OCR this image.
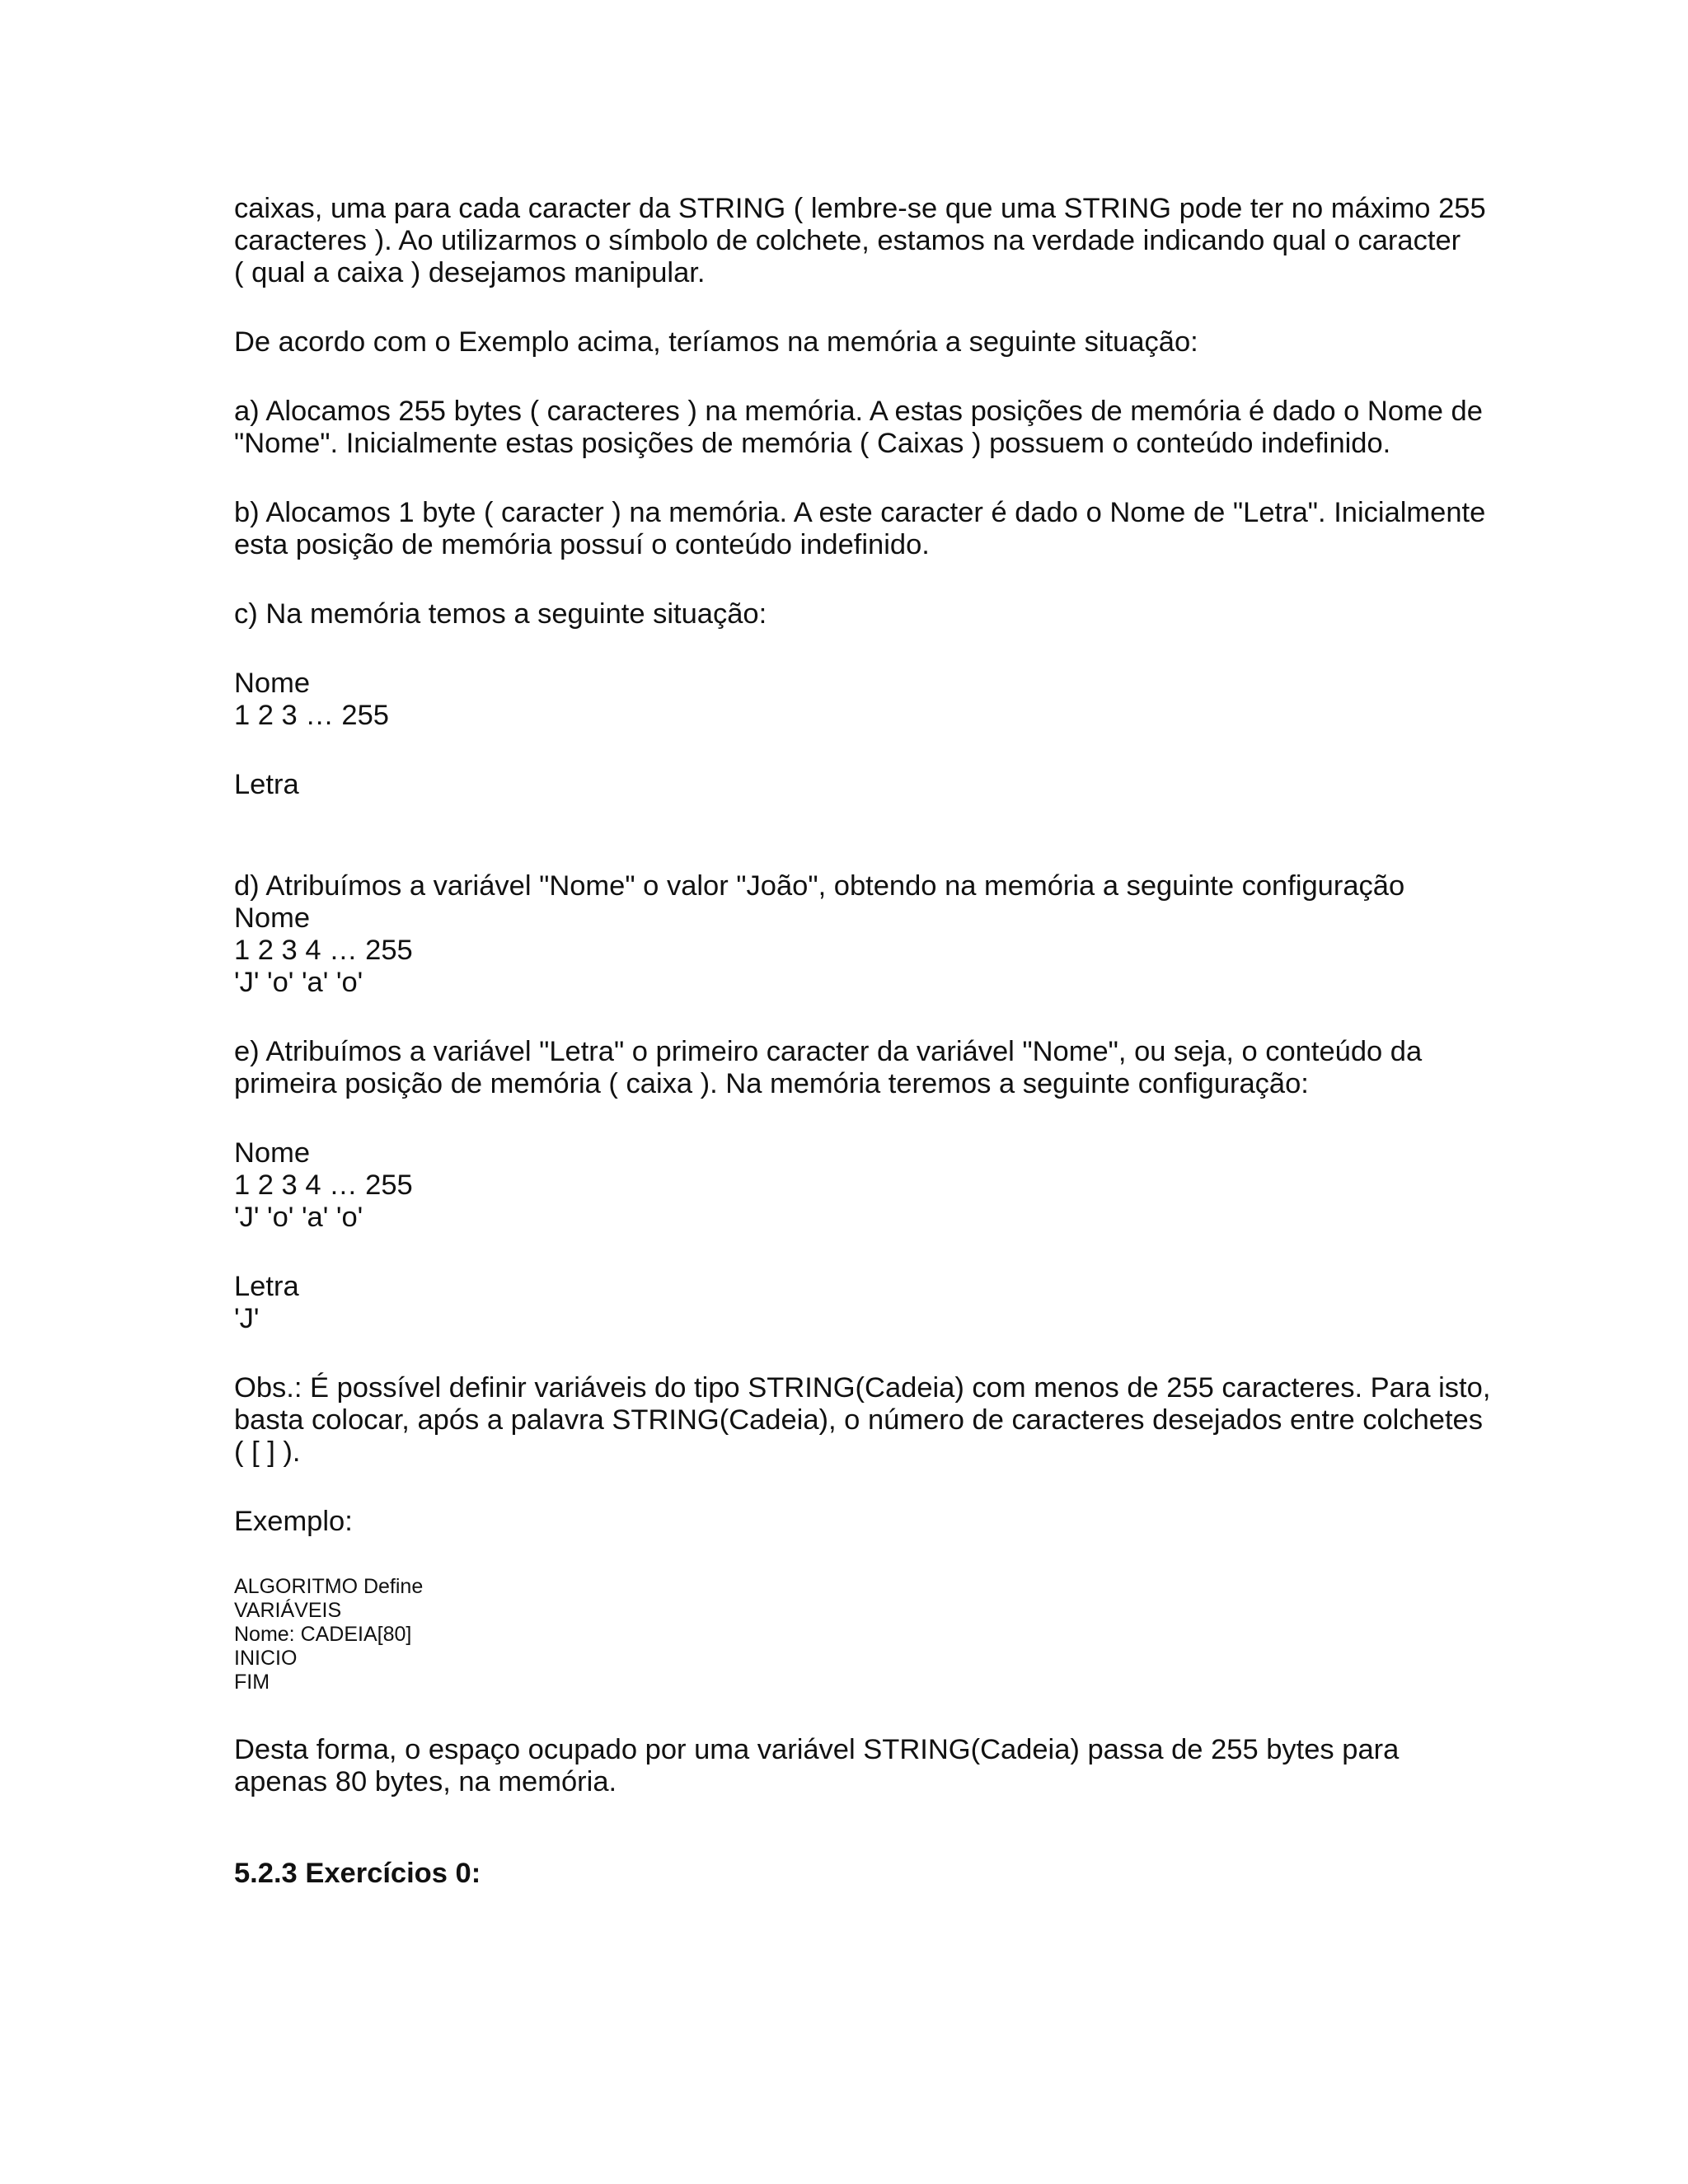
caixas, uma para cada caracter da STRING ( lembre-se que uma STRING pode ter no máximo 255
caracteres ). Ao utilizarmos o símbolo de colchete, estamos na verdade indicando qual o caracter
( qual a caixa ) desejamos manipular.

De acordo com o Exemplo acima, teríamos na memória a seguinte situação:

a) Alocamos 255 bytes ( caracteres ) na memória. A estas posições de memória é dado o Nome de
"Nome". Inicialmente estas posições de memória ( Caixas ) possuem o conteúdo indefinido.

b) Alocamos 1 byte ( caracter ) na memória. A este caracter é dado o Nome de "Letra". Inicialmente
esta posição de memória possuí o conteúdo indefinido.

c) Na memória temos a seguinte situação:

Nome
1 2 3 … 255

Letra

d) Atribuímos a variável "Nome" o valor "João", obtendo na memória a seguinte configuração
Nome
1 2 3 4 … 255
'J' 'o' 'a' 'o'

e) Atribuímos a variável "Letra" o primeiro caracter da variável "Nome", ou seja, o conteúdo da
primeira posição de memória ( caixa ). Na memória teremos a seguinte configuração:

Nome
1 2 3 4 … 255
'J' 'o' 'a' 'o'

Letra
'J'

Obs.: É possível definir variáveis do tipo STRING(Cadeia) com menos de 255 caracteres. Para isto,
basta colocar, após a palavra STRING(Cadeia), o número de caracteres desejados entre colchetes
( [ ] ).

Exemplo:

ALGORITMO Define
VARIÁVEIS
Nome: CADEIA[80]
INICIO
FIM

Desta forma, o espaço ocupado por uma variável STRING(Cadeia) passa de 255 bytes para
apenas 80 bytes, na memória.

5.2.3 Exercícios 0:
